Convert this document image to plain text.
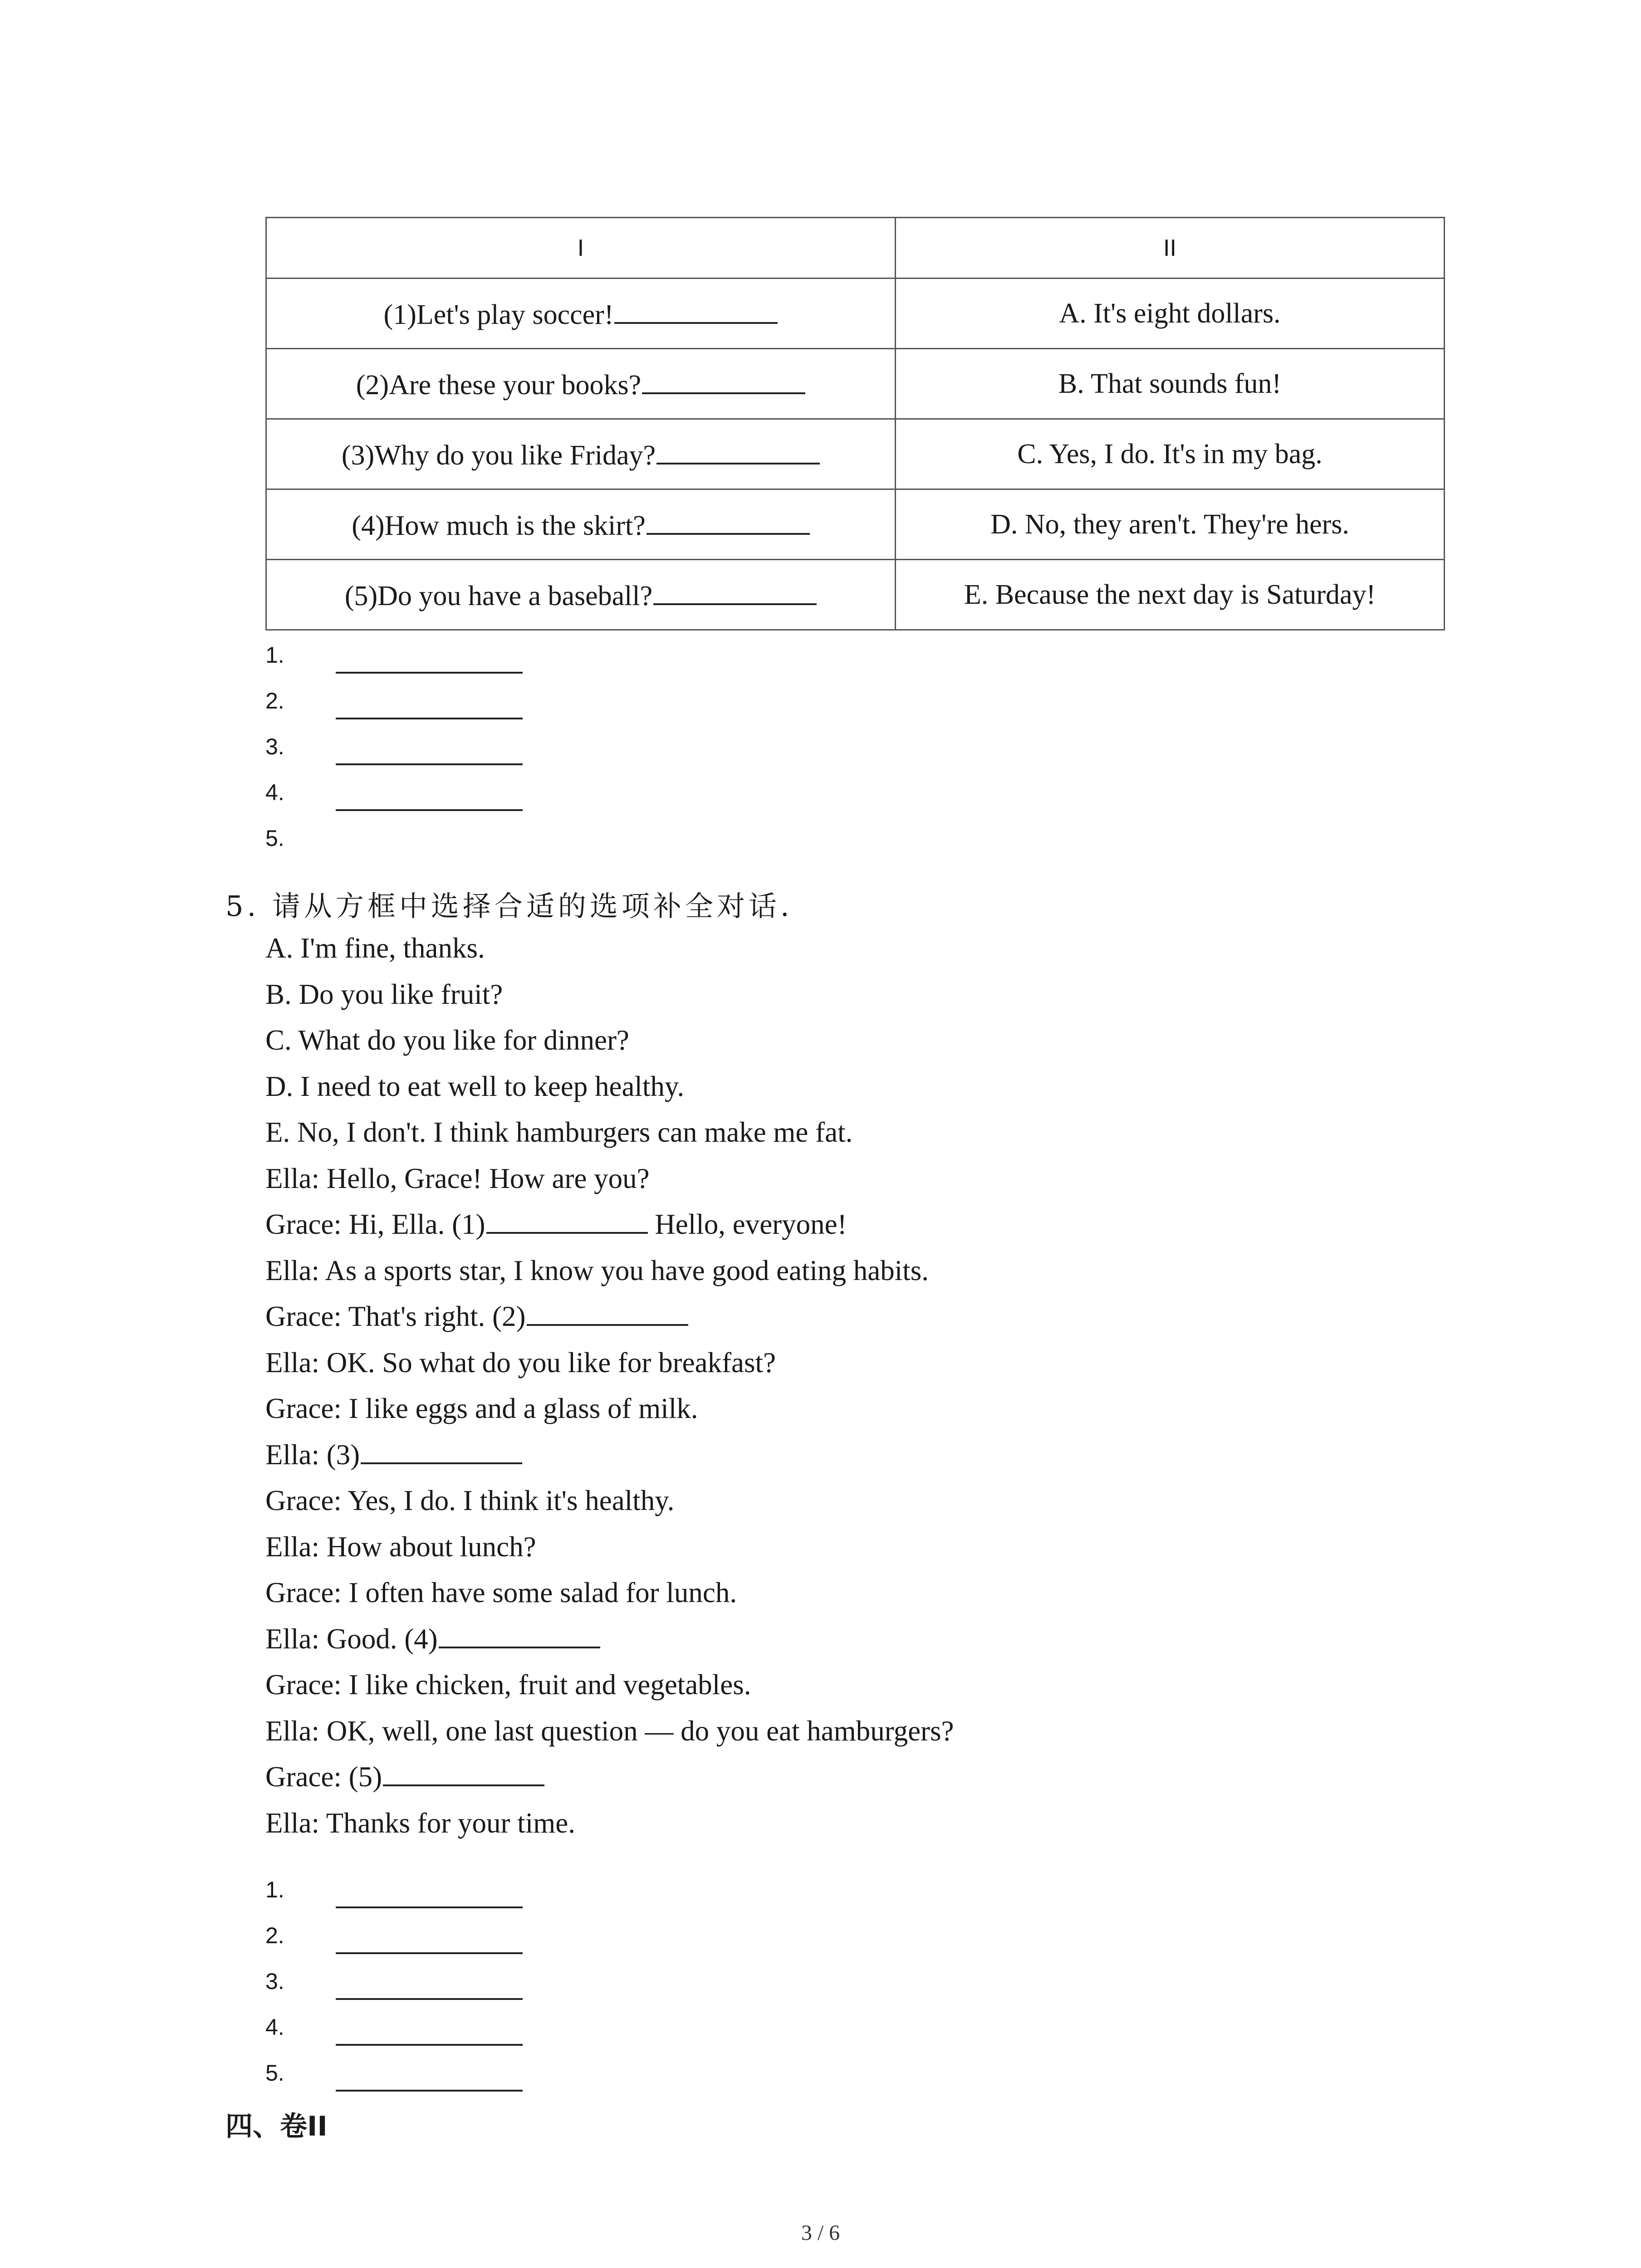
I	II
(1)Let's play soccer!	A. It's eight dollars.
(2)Are these your books?	B. That sounds fun!
(3)Why do you like Friday?	C. Yes, I do. It's in my bag.
(4)How much is the skirt?	D. No, they aren't. They're hers.
(5)Do you have a baseball?	E. Because the next day is Saturday!
1.
2.
3.
4.
5.
5. 请从方框中选择合适的选项补全对话.
A. I'm fine, thanks.
B. Do you like fruit?
C. What do you like for dinner?
D. I need to eat well to keep healthy.
E. No, I don't. I think hamburgers can make me fat.
Ella: Hello, Grace! How are you?
Grace: Hi, Ella. (1)	Hello, everyone!
Ella: As a sports star, I know you have good eating habits.
Grace: That's right. (2)
Ella: OK. So what do you like for breakfast?
Grace: I like eggs and a glass of milk.
Ella: (3)
Grace: Yes, I do. I think it's healthy.
Ella: How about lunch?
Grace: I often have some salad for lunch.
Ella: Good. (4)
Grace: I like chicken, fruit and vegetables.
Ella: OK, well, one last question — do you eat hamburgers?
Grace: (5)
Ella: Thanks for your time.
1.
2.
3.
4.
5.
四、卷II
3 / 6
